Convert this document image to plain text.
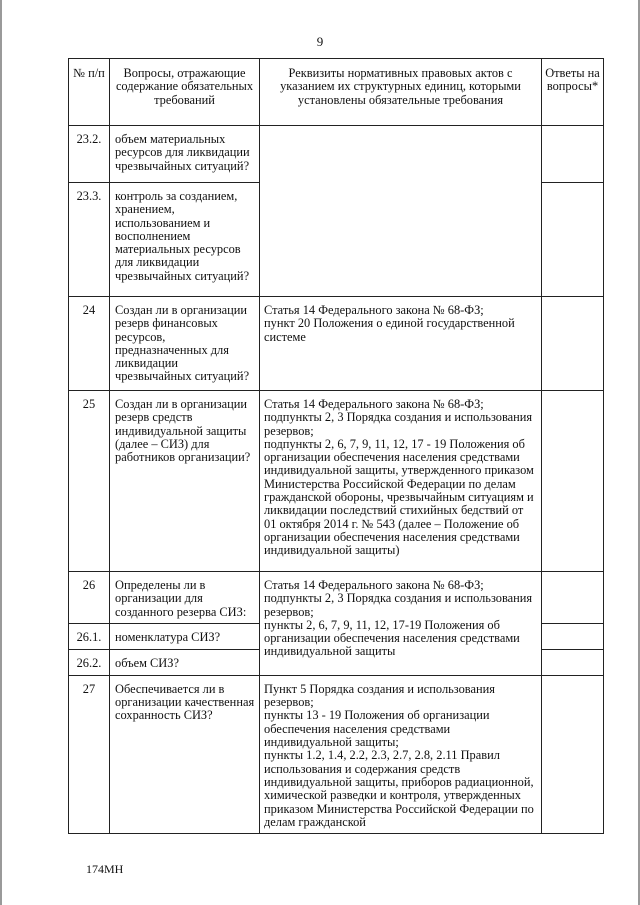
9
№ п/п	Вопросы, отражающие содержание обязательных требований	Реквизиты нормативных правовых актов с указанием их структурных единиц, которыми установлены обязательные требования	Ответы на вопросы*
23.2.	объем материальных ресурсов для ликвидации чрезвычайных ситуаций?		
23.3.	контроль за созданием, хранением, использованием и восполнением материальных ресурсов для ликвидации чрезвычайных ситуаций?		
24	Создан ли в организации резерв финансовых ресурсов, предназначенных для ликвидации чрезвычайных ситуаций?	Статья 14 Федерального закона № 68-ФЗ;
пункт 20 Положения о единой государственной системе	

25	Создан ли в организации резерв средств индивидуальной защиты (далее – СИЗ) для работников организации?	Статья 14 Федерального закона № 68-ФЗ;
подпункты 2, 3 Порядка создания и использования резервов;
подпункты 2, 6, 7, 9, 11, 12, 17 - 19 Положения об организации обеспечения населения средствами индивидуальной защиты, утвержденного приказом Министерства Российской Федерации по делам гражданской обороны, чрезвычайным ситуациям и ликвидации последствий стихийных бедствий от 01 октября 2014 г. № 543 (далее – Положение об организации обеспечения населения средствами индивидуальной защиты)	

26	Определены ли в организации для созданного резерва СИЗ:	Статья 14 Федерального закона № 68-ФЗ;
подпункты 2, 3 Порядка создания и использования резервов;
пункты 2, 6, 7, 9, 11, 12, 17-19 Положения об организации обеспечения населения средствами индивидуальной защиты	

26.1.	номенклатура СИЗ?		
26.2.	объем СИЗ?		
27	Обеспечивается ли в организации качественная сохранность СИЗ?	Пункт 5 Порядка создания и использования резервов;
пункты 13 - 19 Положения об организации обеспечения населения средствами индивидуальной защиты;
пункты 1.2, 1.4, 2.2, 2.3, 2.7, 2.8, 2.11 Правил использования и содержания средств индивидуальной защиты, приборов радиационной, химической разведки и контроля, утвержденных приказом Министерства Российской Федерации по делам гражданской	

174МН
